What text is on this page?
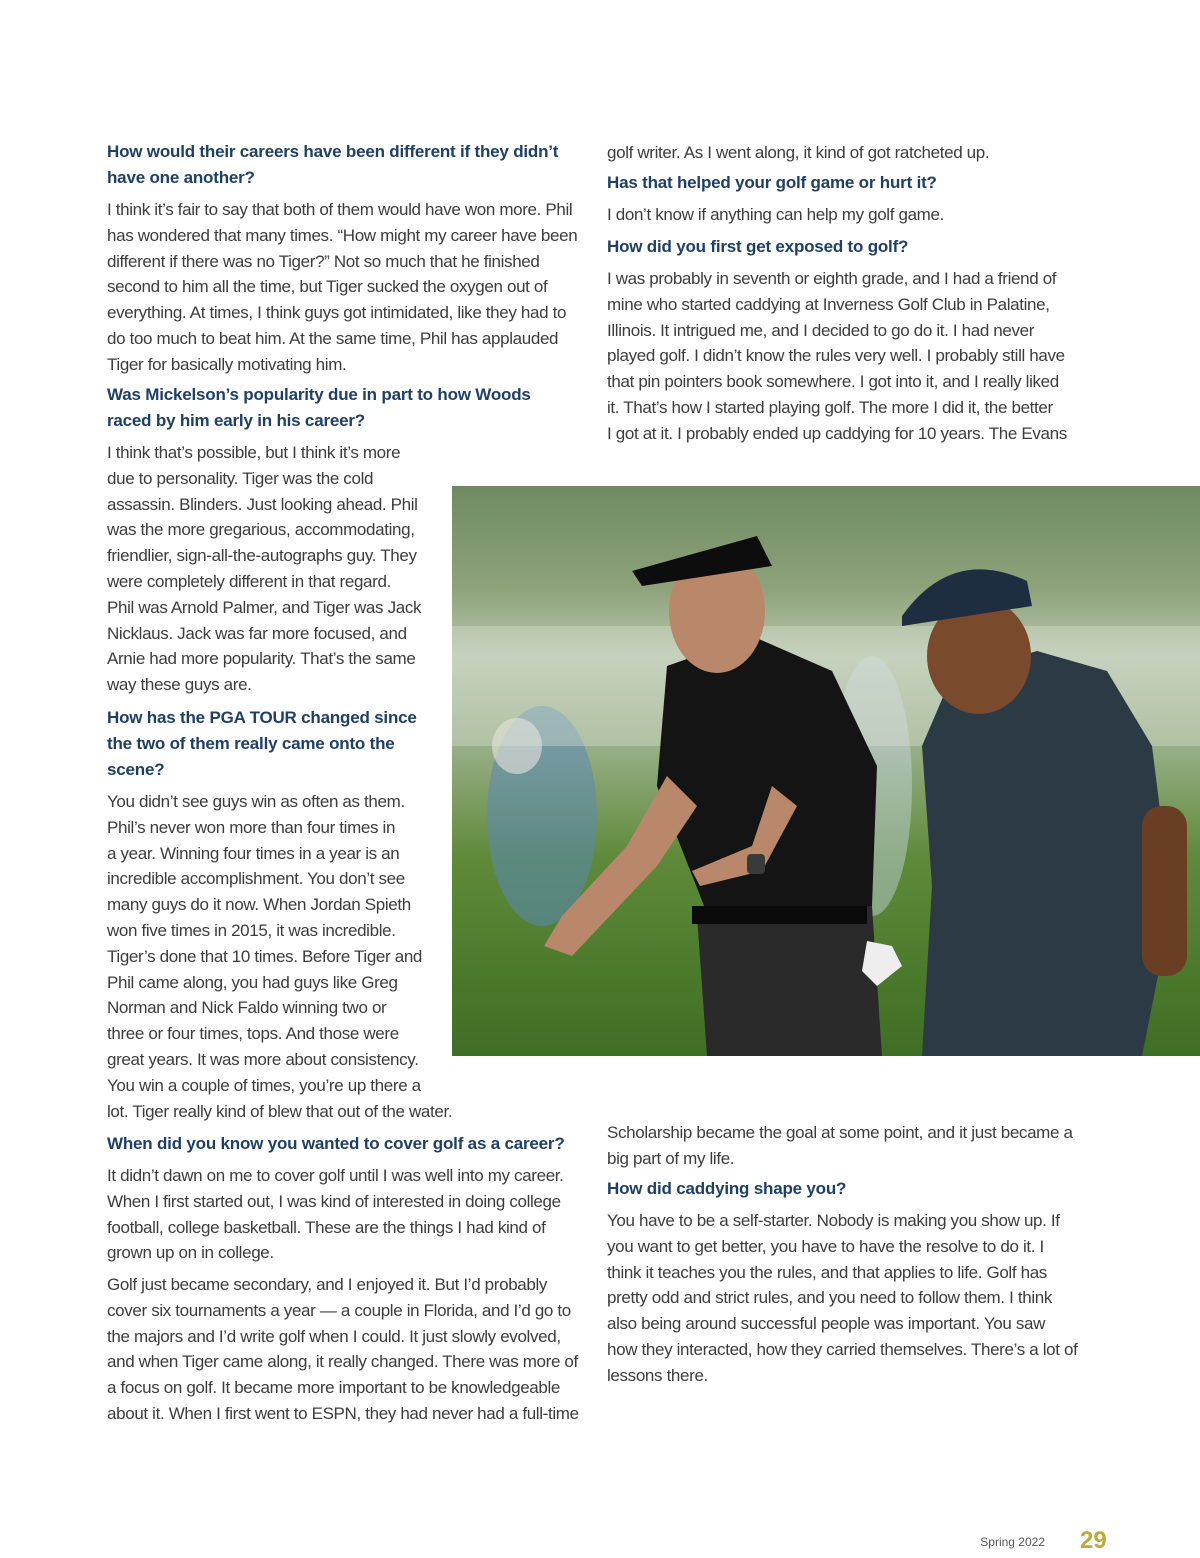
How would their careers have been different if they didn’t
have one another?
I think it’s fair to say that both of them would have won more. Phil
has wondered that many times. “How might my career have been
different if there was no Tiger?” Not so much that he finished
second to him all the time, but Tiger sucked the oxygen out of
everything. At times, I think guys got intimidated, like they had to
do too much to beat him. At the same time, Phil has applauded
Tiger for basically motivating him.
Was Mickelson’s popularity due in part to how Woods
raced by him early in his career?
I think that’s possible, but I think it’s more
due to personality. Tiger was the cold
assassin. Blinders. Just looking ahead. Phil
was the more gregarious, accommodating,
friendlier, sign-all-the-autographs guy. They
were completely different in that regard.
Phil was Arnold Palmer, and Tiger was Jack
Nicklaus. Jack was far more focused, and
Arnie had more popularity. That’s the same
way these guys are.
How has the PGA TOUR changed since
the two of them really came onto the
scene?
You didn’t see guys win as often as them.
Phil’s never won more than four times in
a year. Winning four times in a year is an
incredible accomplishment. You don’t see
many guys do it now. When Jordan Spieth
won five times in 2015, it was incredible.
Tiger’s done that 10 times. Before Tiger and
Phil came along, you had guys like Greg
Norman and Nick Faldo winning two or
three or four times, tops. And those were
great years. It was more about consistency.
You win a couple of times, you’re up there a
lot. Tiger really kind of blew that out of the water.
When did you know you wanted to cover golf as a career?
It didn’t dawn on me to cover golf until I was well into my career.
When I first started out, I was kind of interested in doing college
football, college basketball. These are the things I had kind of
grown up on in college.
Golf just became secondary, and I enjoyed it. But I’d probably
cover six tournaments a year — a couple in Florida, and I’d go to
the majors and I’d write golf when I could. It just slowly evolved,
and when Tiger came along, it really changed. There was more of
a focus on golf. It became more important to be knowledgeable
about it. When I first went to ESPN, they had never had a full-time
golf writer. As I went along, it kind of got ratcheted up.
Has that helped your golf game or hurt it?
I don’t know if anything can help my golf game.
How did you first get exposed to golf?
I was probably in seventh or eighth grade, and I had a friend of
mine who started caddying at Inverness Golf Club in Palatine,
Illinois. It intrigued me, and I decided to go do it. I had never
played golf. I didn’t know the rules very well. I probably still have
that pin pointers book somewhere. I got into it, and I really liked
it. That’s how I started playing golf. The more I did it, the better
I got at it. I probably ended up caddying for 10 years. The Evans
Scholarship became the goal at some point, and it just became a
big part of my life.
How did caddying shape you?
You have to be a self-starter. Nobody is making you show up. If
you want to get better, you have to have the resolve to do it. I
think it teaches you the rules, and that applies to life. Golf has
pretty odd and strict rules, and you need to follow them. I think
also being around successful people was important. You saw
how they interacted, how they carried themselves. There’s a lot of
lessons there.
Spring 2022 29
